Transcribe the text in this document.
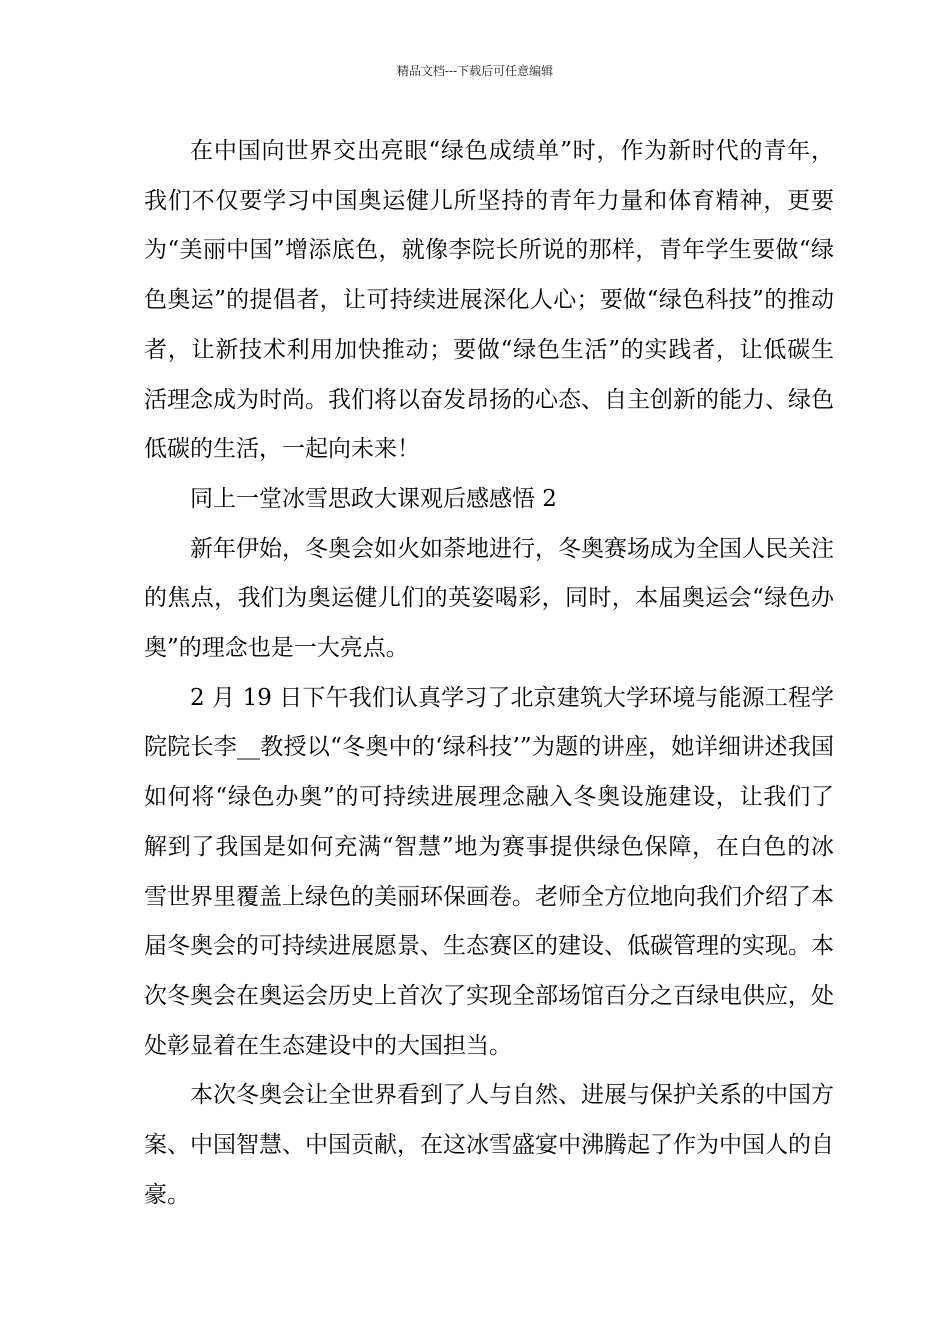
精品文档---下载后可任意编辑

在中国向世界交出亮眼“绿色成绩单”时，作为新时代的青年，我们不仅要学习中国奥运健儿所坚持的青年力量和体育精神，更要为“美丽中国”增添底色，就像李院长所说的那样，青年学生要做“绿色奥运”的提倡者，让可持续进展深化人心；要做“绿色科技”的推动者，让新技术利用加快推动；要做“绿色生活”的实践者，让低碳生活理念成为时尚。我们将以奋发昂扬的心态、自主创新的能力、绿色低碳的生活，一起向未来！

同上一堂冰雪思政大课观后感感悟 2

新年伊始，冬奥会如火如荼地进行，冬奥赛场成为全国人民关注的焦点，我们为奥运健儿们的英姿喝彩，同时，本届奥运会“绿色办奥”的理念也是一大亮点。

2 月 19 日下午我们认真学习了北京建筑大学环境与能源工程学院院长李__教授以“冬奥中的‘绿科技’”为题的讲座，她详细讲述我国如何将“绿色办奥”的可持续进展理念融入冬奥设施建设，让我们了解到了我国是如何充满“智慧”地为赛事提供绿色保障，在白色的冰雪世界里覆盖上绿色的美丽环保画卷。老师全方位地向我们介绍了本届冬奥会的可持续进展愿景、生态赛区的建设、低碳管理的实现。本次冬奥会在奥运会历史上首次了实现全部场馆百分之百绿电供应，处处彰显着在生态建设中的大国担当。

本次冬奥会让全世界看到了人与自然、进展与保护关系的中国方案、中国智慧、中国贡献，在这冰雪盛宴中沸腾起了作为中国人的自豪。
